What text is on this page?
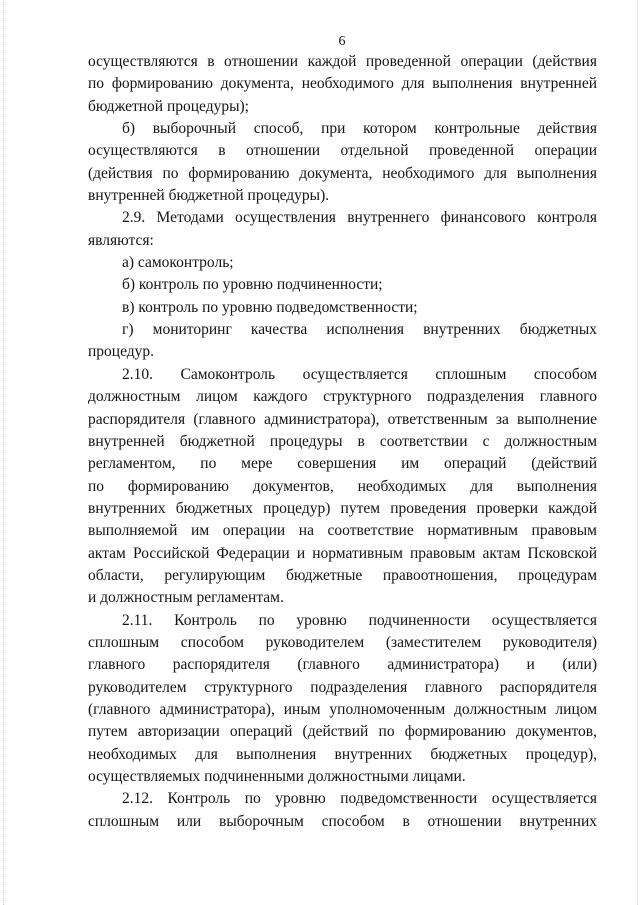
6
осуществляются в отношении каждой проведенной операции (действия
по формированию документа, необходимого для выполнения внутренней
бюджетной процедуры);
б) выборочный способ, при котором контрольные действия
осуществляются в отношении отдельной проведенной операции
(действия по формированию документа, необходимого для выполнения
внутренней бюджетной процедуры).
2.9. Методами осуществления внутреннего финансового контроля
являются:
а) самоконтроль;
б) контроль по уровню подчиненности;
в) контроль по уровню подведомственности;
г) мониторинг качества исполнения внутренних бюджетных
процедур.
2.10. Самоконтроль осуществляется сплошным способом
должностным лицом каждого структурного подразделения главного
распорядителя (главного администратора), ответственным за выполнение
внутренней бюджетной процедуры в соответствии с должностным
регламентом, по мере совершения им операций (действий
по формированию документов, необходимых для выполнения
внутренних бюджетных процедур) путем проведения проверки каждой
выполняемой им операции на соответствие нормативным правовым
актам Российской Федерации и нормативным правовым актам Псковской
области, регулирующим бюджетные правоотношения, процедурам
и должностным регламентам.
2.11. Контроль по уровню подчиненности осуществляется
сплошным способом руководителем (заместителем руководителя)
главного распорядителя (главного администратора) и (или)
руководителем структурного подразделения главного распорядителя
(главного администратора), иным уполномоченным должностным лицом
путем авторизации операций (действий по формированию документов,
необходимых для выполнения внутренних бюджетных процедур),
осуществляемых подчиненными должностными лицами.
2.12. Контроль по уровню подведомственности осуществляется
сплошным или выборочным способом в отношении внутренних
